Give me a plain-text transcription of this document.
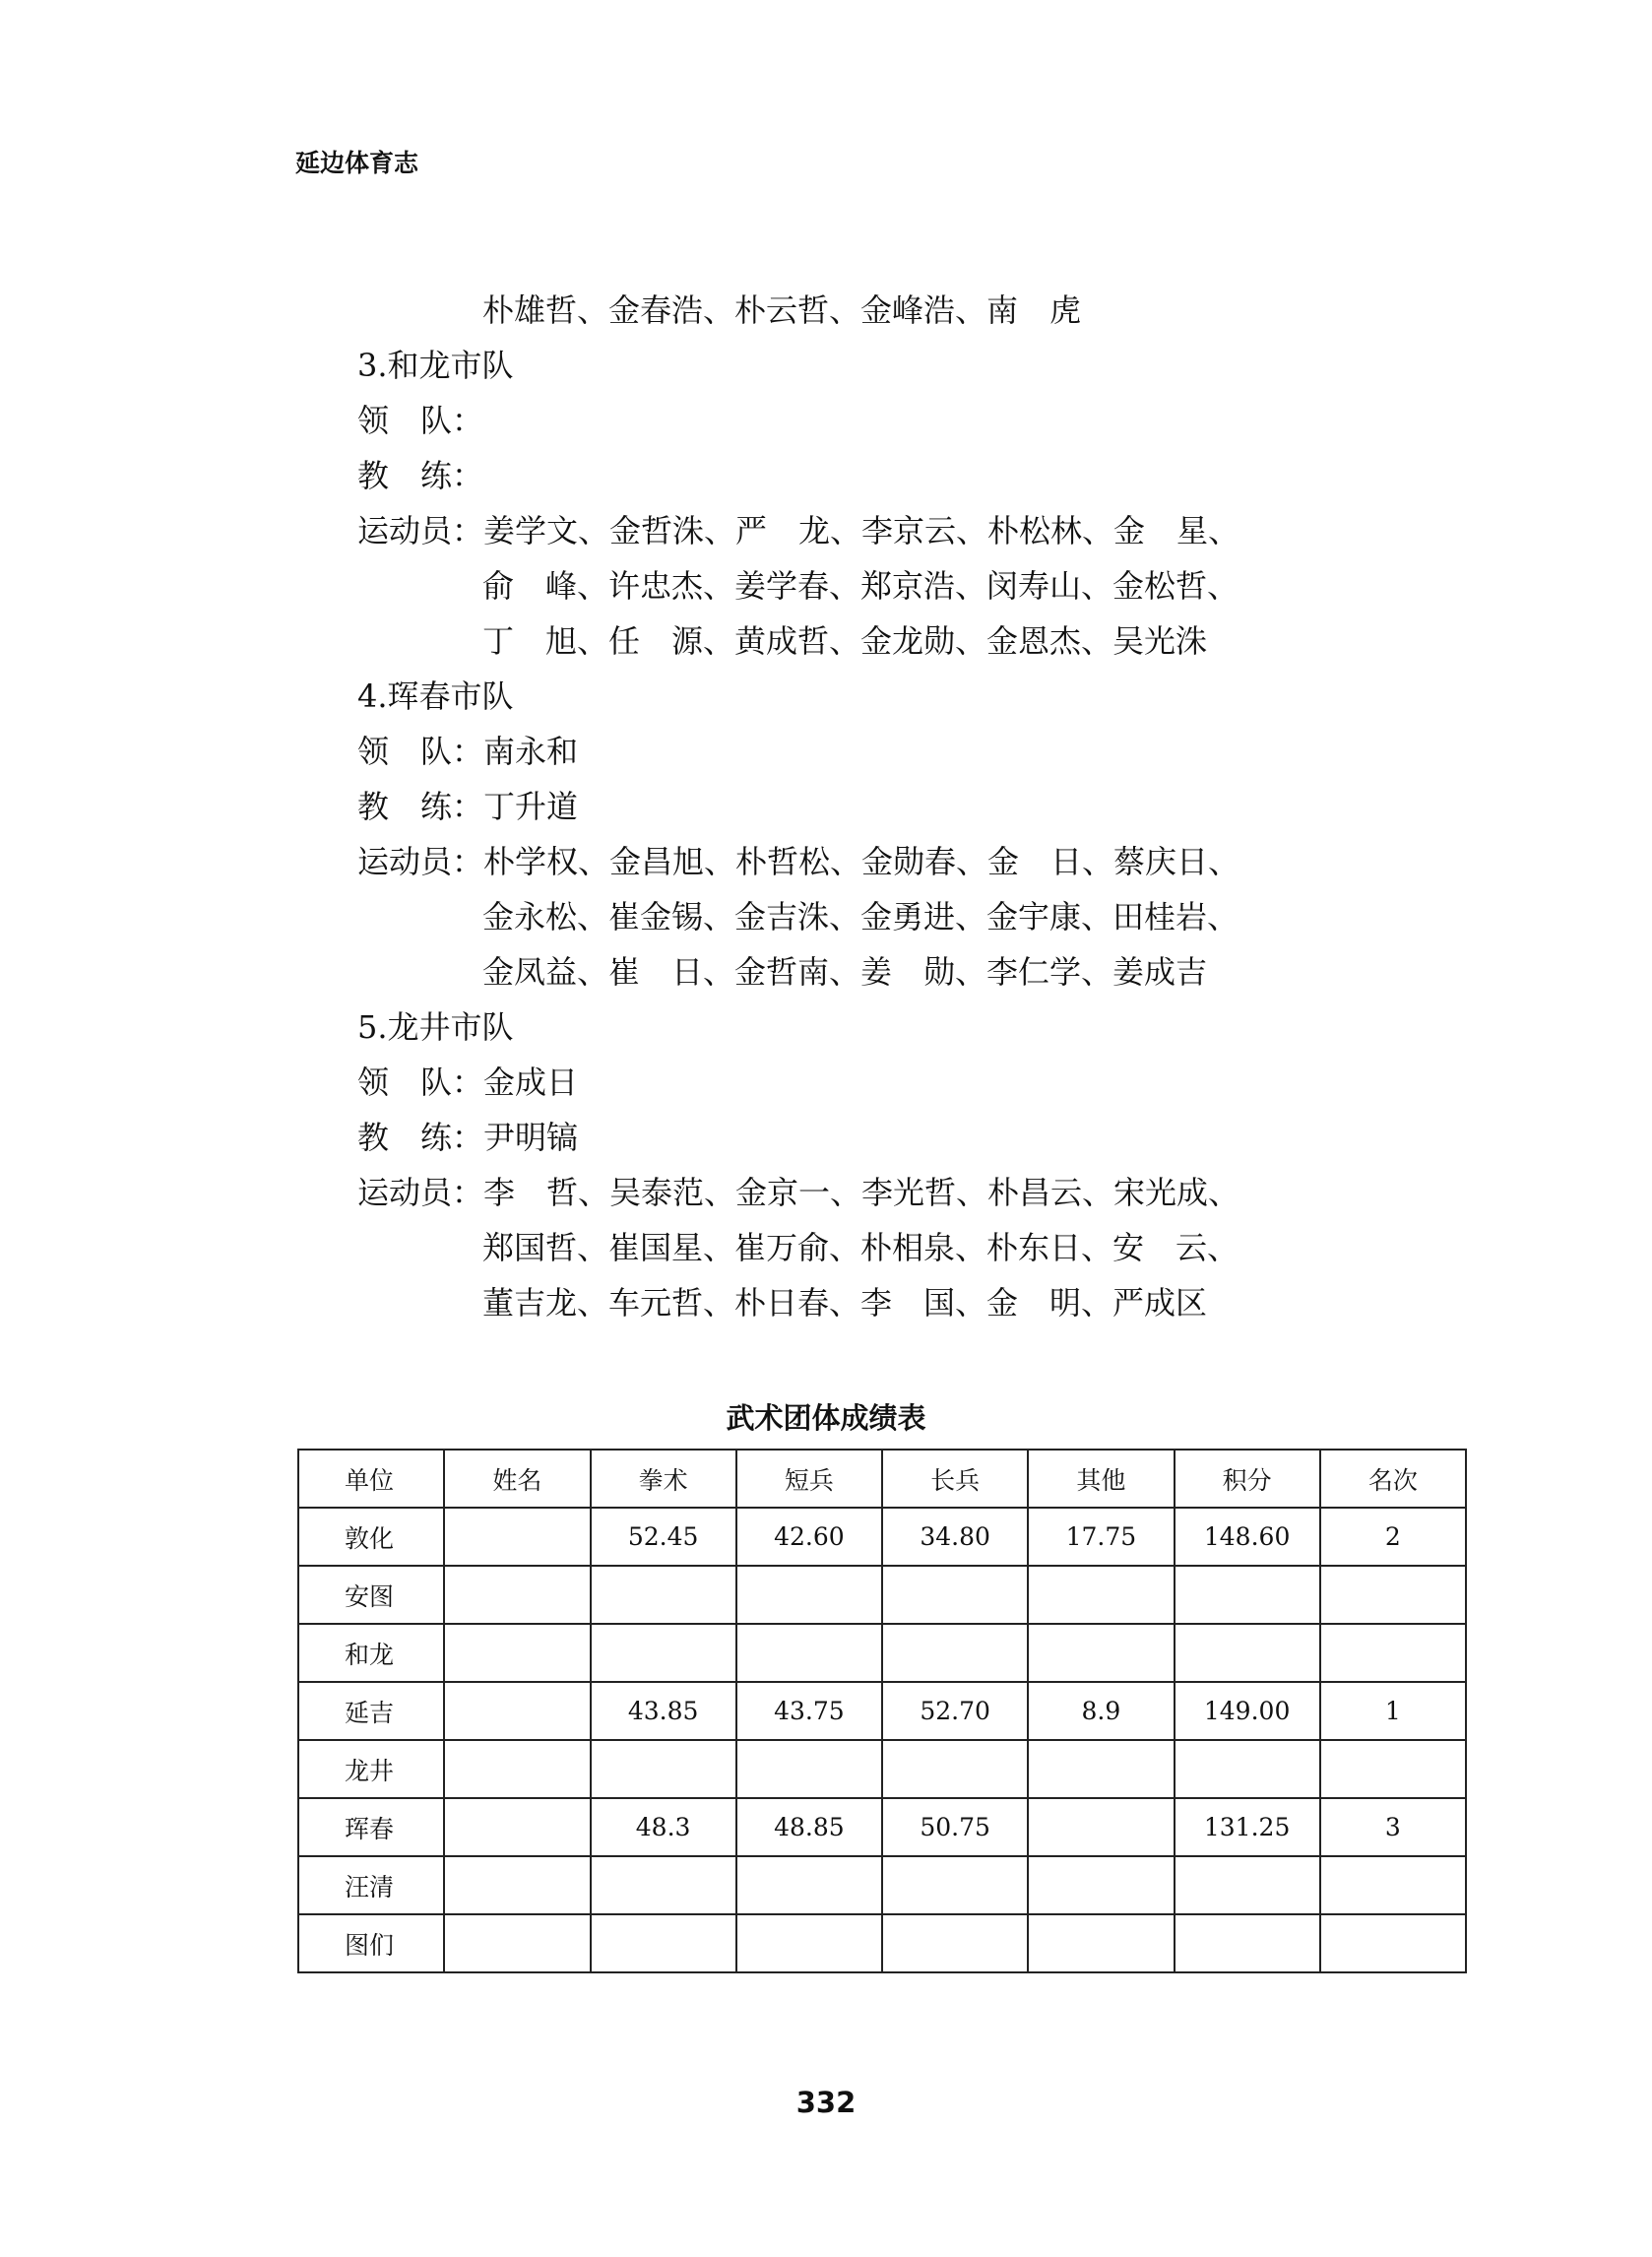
延边体育志
朴雄哲、金春浩、朴云哲、金峰浩、南　虎
3.和龙市队
领　队：
教　练：
运动员：姜学文、金哲洙、严　龙、李京云、朴松林、金　星、
俞　峰、许忠杰、姜学春、郑京浩、闵寿山、金松哲、
丁　旭、任　源、黄成哲、金龙勋、金恩杰、吴光洙
4.珲春市队
领　队：南永和
教　练：丁升道
运动员：朴学权、金昌旭、朴哲松、金勋春、金　日、蔡庆日、
金永松、崔金锡、金吉洙、金勇进、金宇康、田桂岩、
金凤益、崔　日、金哲南、姜　勋、李仁学、姜成吉
5.龙井市队
领　队：金成日
教　练：尹明镐
运动员：李　哲、吴泰范、金京一、李光哲、朴昌云、宋光成、
郑国哲、崔国星、崔万俞、朴相泉、朴东日、安　云、
董吉龙、车元哲、朴日春、李　国、金　明、严成区
武术团体成绩表
单位	姓名	拳术	短兵	长兵	其他	积分	名次
敦化		52.45	42.60	34.80	17.75	148.60	2
安图							
和龙							
延吉		43.85	43.75	52.70	8.9	149.00	1
龙井							
珲春		48.3	48.85	50.75		131.25	3
汪清							
图们							
332
